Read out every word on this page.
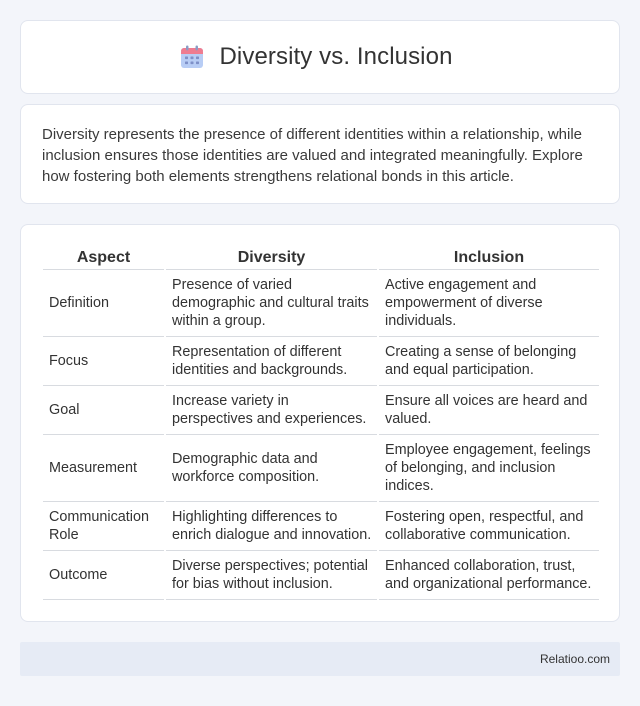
Diversity vs. Inclusion

Diversity represents the presence of different identities within a relationship, while inclusion ensures those identities are valued and integrated meaningfully. Explore how fostering both elements strengthens relational bonds in this article.

Aspect	Diversity	Inclusion
Definition	Presence of varied demographic and cultural traits within a group.	Active engagement and empowerment of diverse individuals.
Focus	Representation of different identities and backgrounds.	Creating a sense of belonging and equal participation.
Goal	Increase variety in perspectives and experiences.	Ensure all voices are heard and valued.
Measurement	Demographic data and workforce composition.	Employee engagement, feelings of belonging, and inclusion indices.
Communication Role	Highlighting differences to enrich dialogue and innovation.	Fostering open, respectful, and collaborative communication.
Outcome	Diverse perspectives; potential for bias without inclusion.	Enhanced collaboration, trust, and organizational performance.
Relatioo.com
